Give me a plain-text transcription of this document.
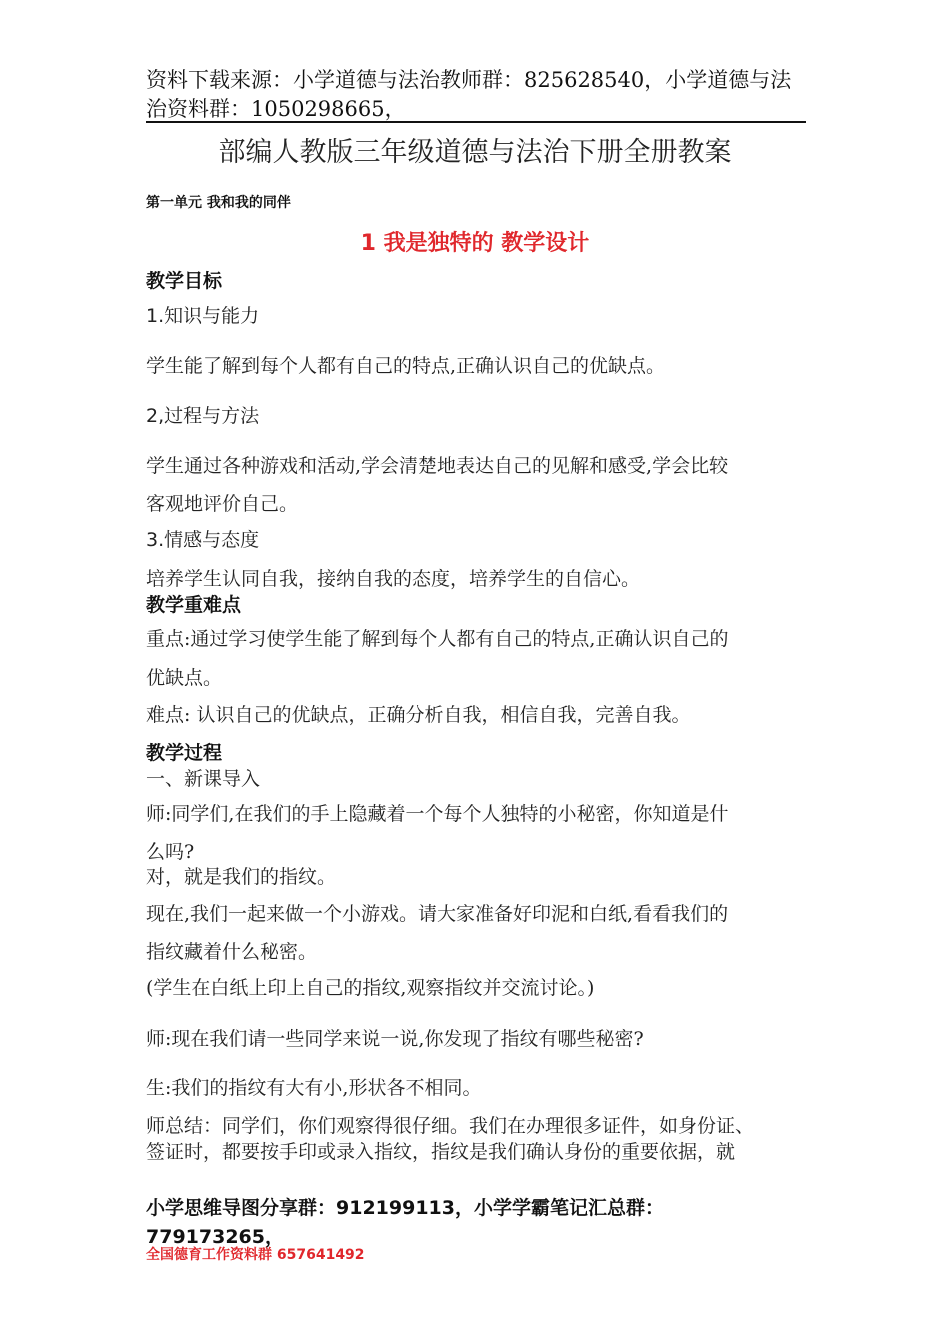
资料下载来源：小学道德与法治教师群：825628540，小学道德与法
治资料群：1050298665，
部编人教版三年级道德与法治下册全册教案
第一单元 我和我的同伴
1 我是独特的 教学设计
教学目标
1.知识与能力
学生能了解到每个人都有自己的特点,正确认识自己的优缺点。
2,过程与方法
学生通过各种游戏和活动,学会清楚地表达自己的见解和感受,学会比较
客观地评价自己。
3.情感与态度
培养学生认同自我，接纳自我的态度，培养学生的自信心。
教学重难点
重点:通过学习使学生能了解到每个人都有自己的特点,正确认识自己的
优缺点。
难点: 认识自己的优缺点，正确分析自我，相信自我，完善自我。
教学过程
一、新课导入
师:同学们,在我们的手上隐藏着一个每个人独特的小秘密，你知道是什
么吗?
对，就是我们的指纹。
现在,我们一起来做一个小游戏。请大家准备好印泥和白纸,看看我们的
指纹藏着什么秘密。
(学生在白纸上印上自己的指纹,观察指纹并交流讨论。)
师:现在我们请一些同学来说一说,你发现了指纹有哪些秘密?
生:我们的指纹有大有小,形状各不相同。
师总结：同学们，你们观察得很仔细。我们在办理很多证件，如身份证、
签证时，都要按手印或录入指纹，指纹是我们确认身份的重要依据，就
小学思维导图分享群：912199113，小学学霸笔记汇总群：
779173265，
全国德育工作资料群 657641492
